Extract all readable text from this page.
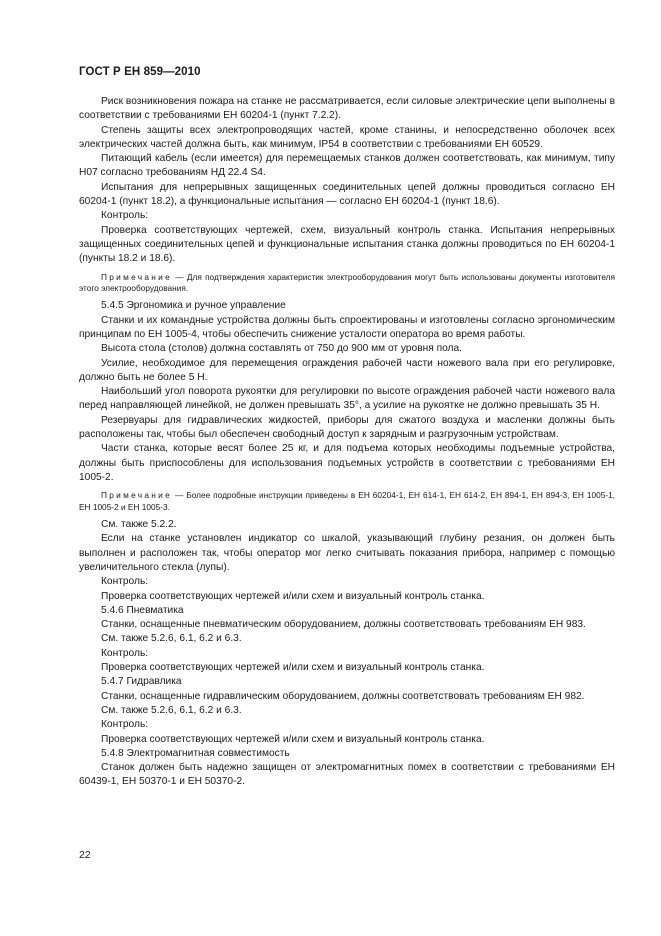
ГОСТ Р ЕН 859—2010

Риск возникновения пожара на станке не рассматривается, если силовые электрические цепи выполнены в соответствии с требованиями ЕН 60204-1 (пункт 7.2.2).

Степень защиты всех электропроводящих частей, кроме станины, и непосредственно оболочек всех электрических частей должна быть, как минимум, IP54 в соответствии с требованиями ЕН 60529.

Питающий кабель (если имеется) для перемещаемых станков должен соответствовать, как минимум, типу Н07 согласно требованиям НД 22.4 S4.

Испытания для непрерывных защищенных соединительных цепей должны проводиться согласно ЕН 60204-1 (пункт 18.2), а функциональные испытания — согласно ЕН 60204-1 (пункт 18.6).

Контроль:

Проверка соответствующих чертежей, схем, визуальный контроль станка. Испытания непрерывных защищенных соединительных цепей и функциональные испытания станка должны проводиться по ЕН 60204-1 (пункты 18.2 и 18.6).

Примечание — Для подтверждения характеристик электрооборудования могут быть использованы документы изготовителя этого электрооборудования.

5.4.5 Эргономика и ручное управление

Станки и их командные устройства должны быть спроектированы и изготовлены согласно эргономическим принципам по ЕН 1005-4, чтобы обеспечить снижение усталости оператора во время работы.

Высота стола (столов) должна составлять от 750 до 900 мм от уровня пола.

Усилие, необходимое для перемещения ограждения рабочей части ножевого вала при его регулировке, должно быть не более 5 Н.

Наибольший угол поворота рукоятки для регулировки по высоте ограждения рабочей части ножевого вала перед направляющей линейкой, не должен превышать 35°, а усилие на рукоятке не должно превышать 35 Н.

Резервуары для гидравлических жидкостей, приборы для сжатого воздуха и масленки должны быть расположены так, чтобы был обеспечен свободный доступ к зарядным и разгрузочным устройствам.

Части станка, которые весят более 25 кг, и для подъема которых необходимы подъемные устройства, должны быть приспособлены для использования подъемных устройств в соответствии с требованиями ЕН 1005-2.

Примечание — Более подробные инструкции приведены в ЕН 60204-1, ЕН 614-1, ЕН 614-2, ЕН 894-1, ЕН 894-3, ЕН 1005-1, ЕН 1005-2 и ЕН 1005-3.

См. также 5.2.2.

Если на станке установлен индикатор со шкалой, указывающий глубину резания, он должен быть выполнен и расположен так, чтобы оператор мог легко считывать показания прибора, например с помощью увеличительного стекла (лупы).

Контроль:

Проверка соответствующих чертежей и/или схем и визуальный контроль станка.

5.4.6 Пневматика

Станки, оснащенные пневматическим оборудованием, должны соответствовать требованиям ЕН 983.

См. также 5.2.6, 6.1, 6.2 и 6.3.

Контроль:

Проверка соответствующих чертежей и/или схем и визуальный контроль станка.

5.4.7 Гидравлика

Станки, оснащенные гидравлическим оборудованием, должны соответствовать требованиям ЕН 982.

См. также 5.2.6, 6.1, 6.2 и 6.3.

Контроль:

Проверка соответствующих чертежей и/или схем и визуальный контроль станка.

5.4.8 Электромагнитная совместимость

Станок должен быть надежно защищен от электромагнитных помех в соответствии с требованиями ЕН 60439-1, ЕН 50370-1 и ЕН 50370-2.

22
